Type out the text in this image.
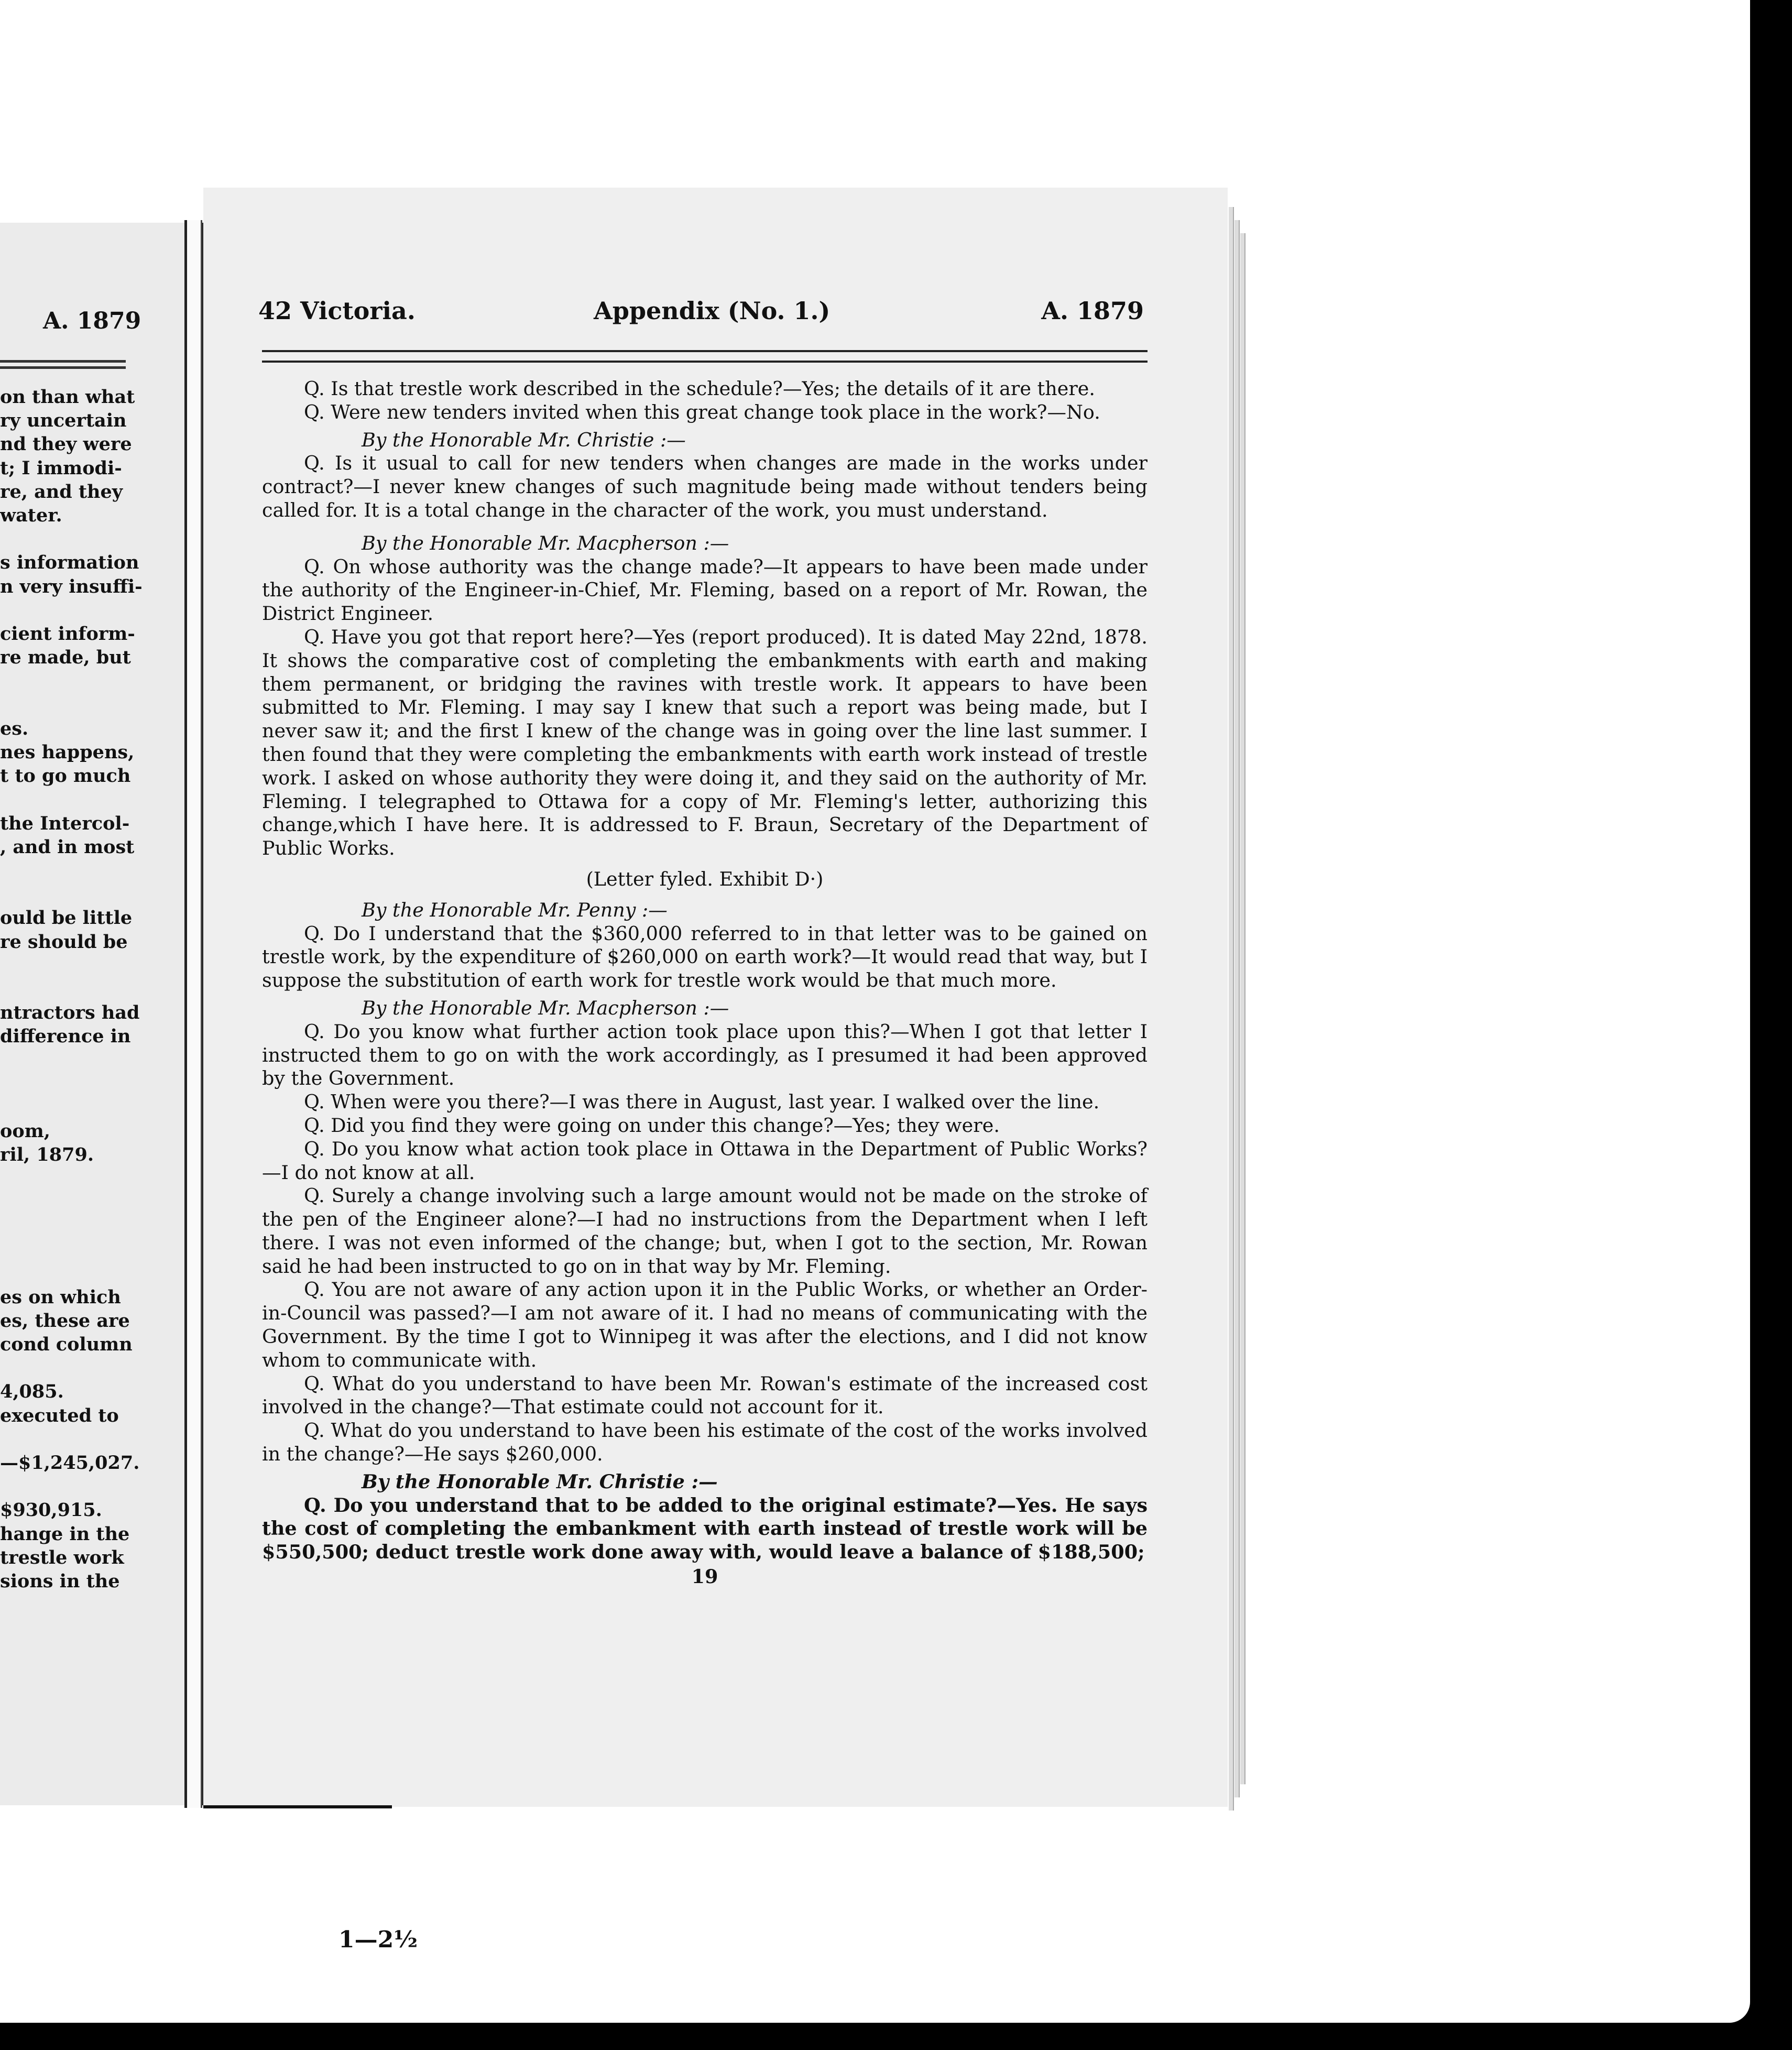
A. 1879
on than what
ry uncertain
nd they were
t; I immodi-
re, and they
water.
s information
n very insuffi-
cient inform-
re made, but
es.
nes happens,
t to go much
the Intercol-
, and in most
ould be little
re should be
ntractors had
difference in
oom,
ril, 1879.
es on which
es, these are
cond column
4,085.
executed to
—$1,245,027.
$930,915.
hange in the
trestle work
sions in the
42 Victoria.	Appendix (No. 1.)	A. 1879

Q. Is that trestle work described in the schedule?—Yes; the details of it are there.

Q. Were new tenders invited when this great change took place in the work?—No.

By the Honorable Mr. Christie :—

Q. Is it usual to call for new tenders when changes are made in the works under contract?—I never knew changes of such magnitude being made without tenders being called for. It is a total change in the character of the work, you must understand.

By the Honorable Mr. Macpherson :—

Q. On whose authority was the change made?—It appears to have been made under the authority of the Engineer-in-Chief, Mr. Fleming, based on a report of Mr. Rowan, the District Engineer.

Q. Have you got that report here?—Yes (report produced). It is dated May 22nd, 1878. It shows the comparative cost of completing the embankments with earth and making them permanent, or bridging the ravines with trestle work. It appears to have been submitted to Mr. Fleming. I may say I knew that such a report was being made, but I never saw it; and the first I knew of the change was in going over the line last summer. I then found that they were completing the embankments with earth work instead of trestle work. I asked on whose authority they were doing it, and they said on the authority of Mr. Fleming. I telegraphed to Ottawa for a copy of Mr. Fleming's letter, authorizing this change,which I have here. It is addressed to F. Braun, Secretary of the Department of Public Works.

(Letter fyled. Exhibit D·)

By the Honorable Mr. Penny :—

Q. Do I understand that the $360,000 referred to in that letter was to be gained on trestle work, by the expenditure of $260,000 on earth work?—It would read that way, but I suppose the substitution of earth work for trestle work would be that much more.

By the Honorable Mr. Macpherson :—

Q. Do you know what further action took place upon this?—When I got that letter I instructed them to go on with the work accordingly, as I presumed it had been approved by the Government.

Q. When were you there?—I was there in August, last year. I walked over the line.

Q. Did you find they were going on under this change?—Yes; they were.

Q. Do you know what action took place in Ottawa in the Department of Public Works?—I do not know at all.

Q. Surely a change involving such a large amount would not be made on the stroke of the pen of the Engineer alone?—I had no instructions from the Department when I left there. I was not even informed of the change; but, when I got to the section, Mr. Rowan said he had been instructed to go on in that way by Mr. Fleming.

Q. You are not aware of any action upon it in the Public Works, or whether an Order-in-Council was passed?—I am not aware of it. I had no means of communicating with the Government. By the time I got to Winnipeg it was after the elections, and I did not know whom to communicate with.

Q. What do you understand to have been Mr. Rowan's estimate of the increased cost involved in the change?—That estimate could not account for it.

Q. What do you understand to have been his estimate of the cost of the works involved in the change?—He says $260,000.

By the Honorable Mr. Christie :—

Q. Do you understand that to be added to the original estimate?—Yes. He says the cost of completing the embankment with earth instead of trestle work will be $550,500; deduct trestle work done away with, would leave a balance of $188,500;

19

1—2½
